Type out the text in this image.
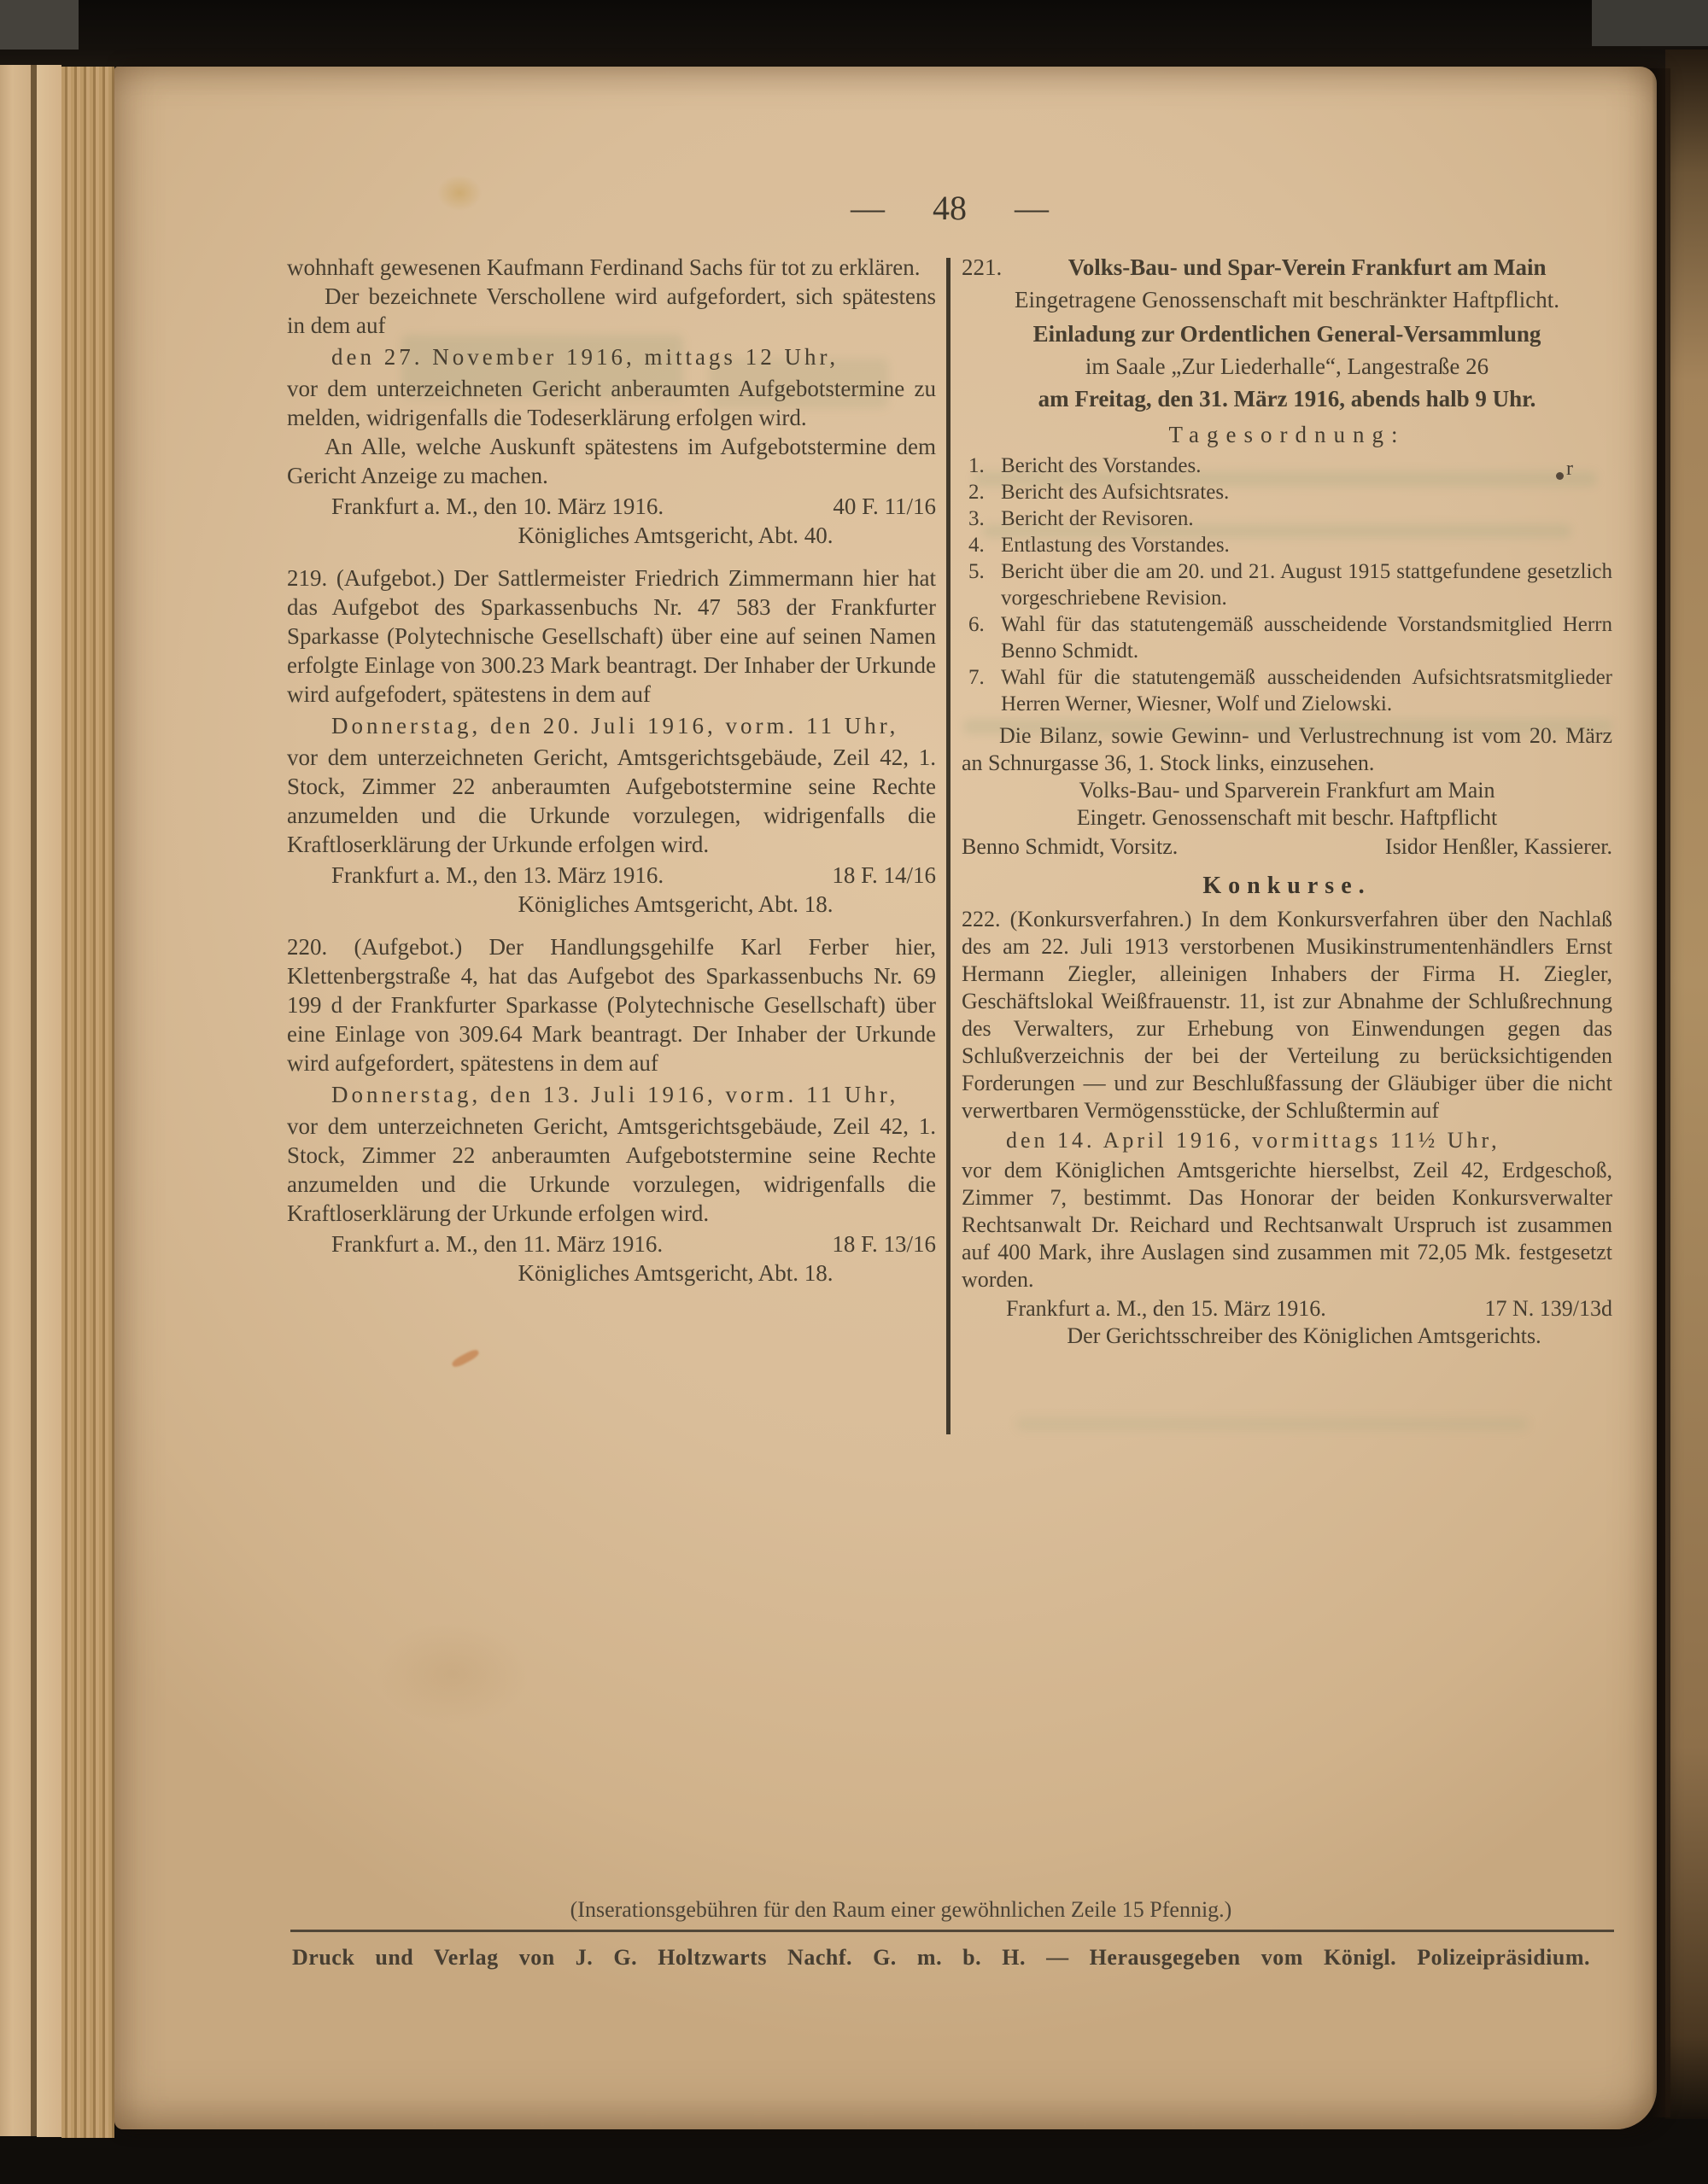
— 48 —
r
wohnhaft gewesenen Kaufmann Ferdinand Sachs für tot zu erklären.
Der bezeichnete Verschollene wird aufgefordert, sich spätestens in dem auf
den 27. November 1916, mittags 12 Uhr,
vor dem unterzeichneten Gericht anberaumten Aufgebotstermine zu melden, widrigenfalls die Todeserklärung erfolgen wird.
An Alle, welche Auskunft spätestens im Aufgebotstermine dem Gericht Anzeige zu machen.
Frankfurt a. M., den 10. März 1916.	40 F. 11/16
Königliches Amtsgericht, Abt. 40.
219. (Aufgebot.) Der Sattlermeister Friedrich Zimmermann hier hat das Aufgebot des Sparkassenbuchs Nr. 47 583 der Frankfurter Sparkasse (Polytechnische Gesellschaft) über eine auf seinen Namen erfolgte Einlage von 300.23 Mark beantragt. Der Inhaber der Urkunde wird aufgefodert, spätestens in dem auf
Donnerstag, den 20. Juli 1916, vorm. 11 Uhr,
vor dem unterzeichneten Gericht, Amtsgerichtsgebäude, Zeil 42, 1. Stock, Zimmer 22 anberaumten Aufgebotstermine seine Rechte anzumelden und die Urkunde vorzulegen, widrigenfalls die Kraftloserklärung der Urkunde erfolgen wird.
Frankfurt a. M., den 13. März 1916.	18 F. 14/16
Königliches Amtsgericht, Abt. 18.
220. (Aufgebot.) Der Handlungsgehilfe Karl Ferber hier, Klettenbergstraße 4, hat das Aufgebot des Sparkassenbuchs Nr. 69 199 d der Frankfurter Sparkasse (Polytechnische Gesellschaft) über eine Einlage von 309.64 Mark beantragt. Der Inhaber der Urkunde wird aufgefordert, spätestens in dem auf
Donnerstag, den 13. Juli 1916, vorm. 11 Uhr,
vor dem unterzeichneten Gericht, Amtsgerichtsgebäude, Zeil 42, 1. Stock, Zimmer 22 anberaumten Aufgebotstermine seine Rechte anzumelden und die Urkunde vorzulegen, widrigenfalls die Kraftloserklärung der Urkunde erfolgen wird.
Frankfurt a. M., den 11. März 1916.	18 F. 13/16
Königliches Amtsgericht, Abt. 18.
221.	Volks-Bau- und Spar-Verein Frankfurt am Main
Eingetragene Genossenschaft mit beschränkter Haftpflicht.
Einladung zur Ordentlichen General-Versammlung
im Saale „Zur Liederhalle“, Langestraße 26
am Freitag, den 31. März 1916, abends halb 9 Uhr.
Tagesordnung:
1. Bericht des Vorstandes.
2. Bericht des Aufsichtsrates.
3. Bericht der Revisoren.
4. Entlastung des Vorstandes.
5. Bericht über die am 20. und 21. August 1915 stattgefundene gesetzlich vorgeschriebene Revision.
6. Wahl für das statutengemäß ausscheidende Vorstandsmitglied Herrn Benno Schmidt.
7. Wahl für die statutengemäß ausscheidenden Aufsichtsratsmitglieder Herren Werner, Wiesner, Wolf und Zielowski.
Die Bilanz, sowie Gewinn- und Verlustrechnung ist vom 20. März an Schnurgasse 36, 1. Stock links, einzusehen.
Volks-Bau- und Sparverein Frankfurt am Main
Eingetr. Genossenschaft mit beschr. Haftpflicht
Benno Schmidt, Vorsitz.	Isidor Henßler, Kassierer.
Konkurse.
222. (Konkursverfahren.) In dem Konkursverfahren über den Nachlaß des am 22. Juli 1913 verstorbenen Musikinstrumentenhändlers Ernst Hermann Ziegler, alleinigen Inhabers der Firma H. Ziegler, Geschäftslokal Weißfrauenstr. 11, ist zur Abnahme der Schlußrechnung des Verwalters, zur Erhebung von Einwendungen gegen das Schlußverzeichnis der bei der Verteilung zu berücksichtigenden Forderungen — und zur Beschlußfassung der Gläubiger über die nicht verwertbaren Vermögensstücke, der Schlußtermin auf
den 14. April 1916, vormittags 11½ Uhr,
vor dem Königlichen Amtsgerichte hierselbst, Zeil 42, Erdgeschoß, Zimmer 7, bestimmt. Das Honorar der beiden Konkursverwalter Rechtsanwalt Dr. Reichard und Rechtsanwalt Urspruch ist zusammen auf 400 Mark, ihre Auslagen sind zusammen mit 72,05 Mk. festgesetzt worden.
Frankfurt a. M., den 15. März 1916.	17 N. 139/13d
Der Gerichtsschreiber des Königlichen Amtsgerichts.
(Inserationsgebühren für den Raum einer gewöhnlichen Zeile 15 Pfennig.)
Druck und Verlag von J. G. Holtzwarts Nachf. G. m. b. H. — Herausgegeben vom Königl. Polizeipräsidium.
